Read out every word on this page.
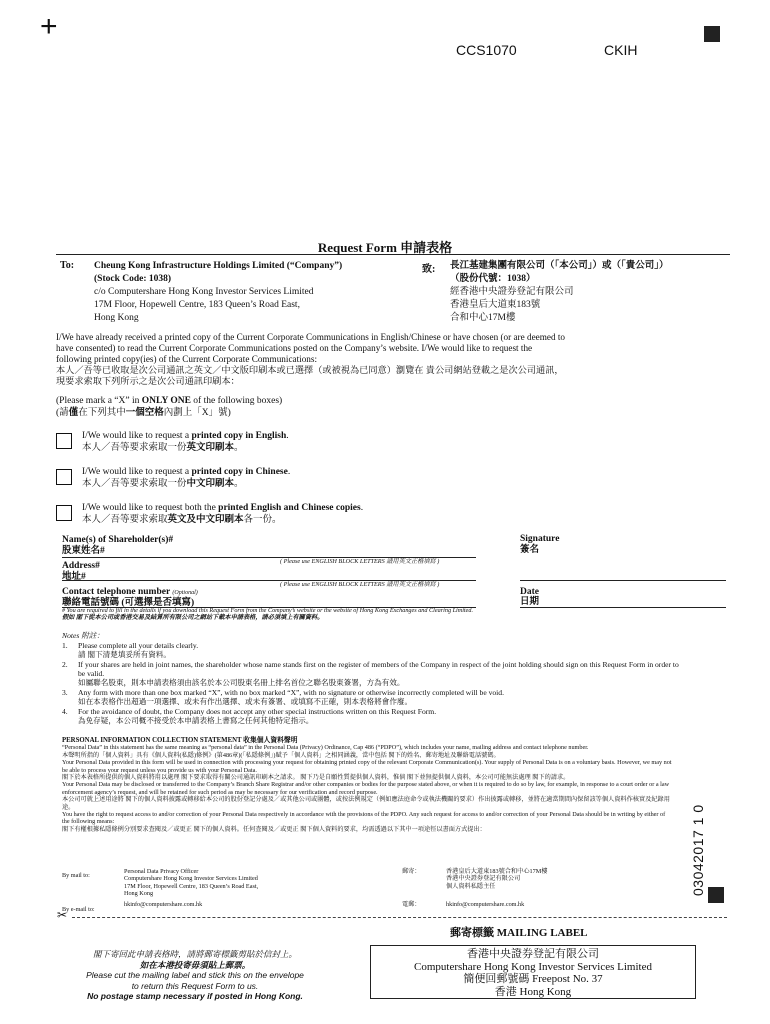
+
CCS1070	CKIH
Request Form 申請表格
To: Cheung Kong Infrastructure Holdings Limited (“Company”)
(Stock Code: 1038)
c/o Computershare Hong Kong Investor Services Limited
17M Floor, Hopewell Centre, 183 Queen’s Road East,
Hong Kong
致: 長江基建集團有限公司（「本公司」）或（「貴公司」）
（股份代號：1038）
經香港中央證券登記有限公司
香港皇后大道東183號
合和中心17M樓
I/We have already received a printed copy of the Current Corporate Communications in English/Chinese or have chosen (or are deemed to
have consented) to read the Current Corporate Communications posted on the Company’s website. I/We would like to request the
following printed copy(ies) of the Current Corporate Communications:
本人／吾等已收取是次公司通訊之英文／中文版印刷本或已選擇（或被視為已同意）瀏覽在 貴公司網站登載之是次公司通訊，
現要求索取下列所示之是次公司通訊印刷本：
(Please mark a “X” in ONLY ONE of the following boxes)
(請僅在下列其中一個空格內劃上「X」號)
I/We would like to request a printed copy in English.
本人／吾等要求索取一份英文印刷本。
I/We would like to request a printed copy in Chinese.
本人／吾等要求索取一份中文印刷本。
I/We would like to request both the printed English and Chinese copies.
本人／吾等要求索取英文及中文印刷本各一份。
Name(s) of Shareholder(s)#
股東姓名#
( Please use ENGLISH BLOCK LETTERS 請用英文正楷填寫 )
Address#
地址#
( Please use ENGLISH BLOCK LETTERS 請用英文正楷填寫 )
Contact telephone number (Optional)
聯絡電話號碼 (可選擇是否填寫)
Signature
簽名
Date
日期
# You are required to fill in the details if you download this Request Form from the Company’s website or the website of Hong Kong Exchanges and Clearing Limited.
假如 閣下從本公司或香港交易及結算所有限公司之網站下載本申請表格，請必須填上有關資料。
Notes 附註：
1.	Please complete all your details clearly.
請 閣下清楚填妥所有資料。
2.	If your shares are held in joint names, the shareholder whose name stands first on the register of members of the Company in respect of the joint holding should sign on this Request Form in order to be valid.
如屬聯名股東，則本申請表格須由該名於本公司股東名冊上排名首位之聯名股東簽署，方為有效。
3.	Any form with more than one box marked “X”, with no box marked “X”, with no signature or otherwise incorrectly completed will be void.
如在本表格作出超過一項選擇、或未有作出選擇、或未有簽署、或填寫不正確，則本表格將會作廢。
4.	For the avoidance of doubt, the Company does not accept any other special instructions written on this Request Form.
為免存疑，本公司概不接受於本申請表格上書寫之任何其他特定指示。
PERSONAL INFORMATION COLLECTION STATEMENT 收集個人資料聲明
“Personal Data” in this statement has the same meaning as “personal data” in the Personal Data (Privacy) Ordinance, Cap 486 (“PDPO”), which includes your name, mailing address and contact telephone number.
本聲明所指的「個人資料」具有《個人資料(私隱)條例》(第486章)(「私隱條例」)賦予「個人資料」之相同涵義，當中包括 閣下的姓名、郵寄地址及聯絡電話號碼。
Your Personal Data provided in this form will be used in connection with processing your request for obtaining printed copy of the relevant Corporate Communication(s). Your supply of Personal Data is on a voluntary basis. However, we may not be able to process your request unless you provide us with your Personal Data.
閣下於本表格所提供的個人資料將用以處理 閣下要求取得有關公司通訊印刷本之請求。 閣下乃是自願性質提供個人資料，惟倘 閣下並無提供個人資料，本公司可能無法處理 閣下的請求。
Your Personal Data may be disclosed or transferred to the Company’s Branch Share Registrar and/or other companies or bodies for the purpose stated above, or when it is required to do so by law, for example, in response to a court order or a law enforcement agency’s request, and will be retained for such period as may be necessary for our verification and record purpose.
本公司可就上述用途將 閣下的個人資料披露或轉移給本公司的股份登記分處及／或其他公司或團體，或按法例規定（例如應法庭命令或執法機關的要求）作出披露或轉移，並將在適當期間內保留該等個人資料作核實及紀錄用途。
You have the right to request access to and/or correction of your Personal Data respectively in accordance with the provisions of the PDPO. Any such request for access to and/or correction of your Personal Data should be in writing by either of the following means:
閣下有權根據私隱條例分別要求查閱及／或更正 閣下的個人資料。任何查閱及／或更正 閣下個人資料的要求，均需透過以下其中一項途徑以書面方式提出：
By mail to:
Personal Data Privacy Officer
Computershare Hong Kong Investor Services Limited
17M Floor, Hopewell Centre, 183 Queen’s Road East,
Hong Kong
By e-mail to:
hkinfo@computershare.com.hk
郵寄：	香港皇后大道東183號合和中心17M樓
香港中央證券登記有限公司
個人資料私隱主任
電郵：	hkinfo@computershare.com.hk
03042017 1 0
✂
郵寄標籤 MAILING LABEL
閣下寄回此申請表格時，請將郵寄標籤剪貼於信封上。
如在本港投寄毋須貼上郵票。
Please cut the mailing label and stick this on the envelope
to return this Request Form to us.
No postage stamp necessary if posted in Hong Kong.
香港中央證券登記有限公司
Computershare Hong Kong Investor Services Limited
簡便回郵號碼 Freepost No. 37
香港 Hong Kong
